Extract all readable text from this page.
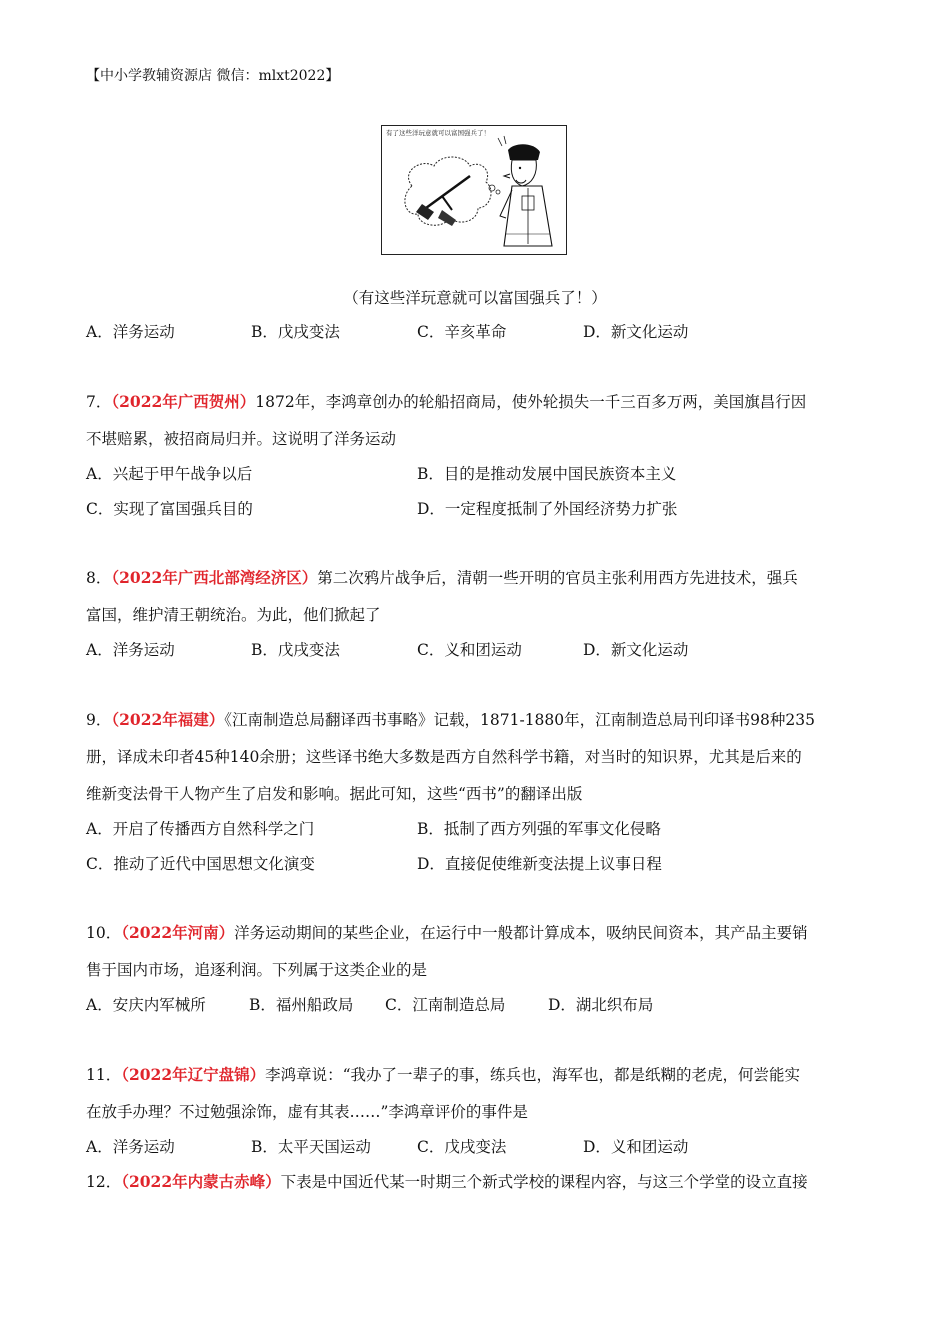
【中小学教辅资源店 微信：mlxt2022】
有了这些洋玩意就可以富国强兵了！
（有这些洋玩意就可以富国强兵了！）
A．洋务运动	B．戊戌变法	C．辛亥革命	D．新文化运动
7．（2022年广西贺州）1872年，李鸿章创办的轮船招商局，使外轮损失一千三百多万两，美国旗昌行因
不堪赔累，被招商局归并。这说明了洋务运动
A．兴起于甲午战争以后	B．目的是推动发展中国民族资本主义
C．实现了富国强兵目的	D．一定程度抵制了外国经济势力扩张
8．（2022年广西北部湾经济区）第二次鸦片战争后，清朝一些开明的官员主张利用西方先进技术，强兵
富国，维护清王朝统治。为此，他们掀起了
A．洋务运动	B．戊戌变法	C．义和团运动	D．新文化运动
9．（2022年福建）《江南制造总局翻译西书事略》记载，1871-1880年，江南制造总局刊印译书98种235
册，译成未印者45种140余册；这些译书绝大多数是西方自然科学书籍，对当时的知识界，尤其是后来的
维新变法骨干人物产生了启发和影响。据此可知，这些“西书”的翻译出版
A．开启了传播西方自然科学之门	B．抵制了西方列强的军事文化侵略
C．推动了近代中国思想文化演变	D．直接促使维新变法提上议事日程
10．（2022年河南）洋务运动期间的某些企业，在运行中一般都计算成本，吸纳民间资本，其产品主要销
售于国内市场，追逐利润。下列属于这类企业的是
A．安庆内军械所	B．福州船政局 C．江南制造总局	D．湖北织布局
11．（2022年辽宁盘锦）李鸿章说：“我办了一辈子的事，练兵也，海军也，都是纸糊的老虎，何尝能实
在放手办理？不过勉强涂饰，虚有其表……”李鸿章评价的事件是
A．洋务运动	B．太平天国运动	C．戊戌变法	D．义和团运动
12．（2022年内蒙古赤峰）下表是中国近代某一时期三个新式学校的课程内容，与这三个学堂的设立直接
